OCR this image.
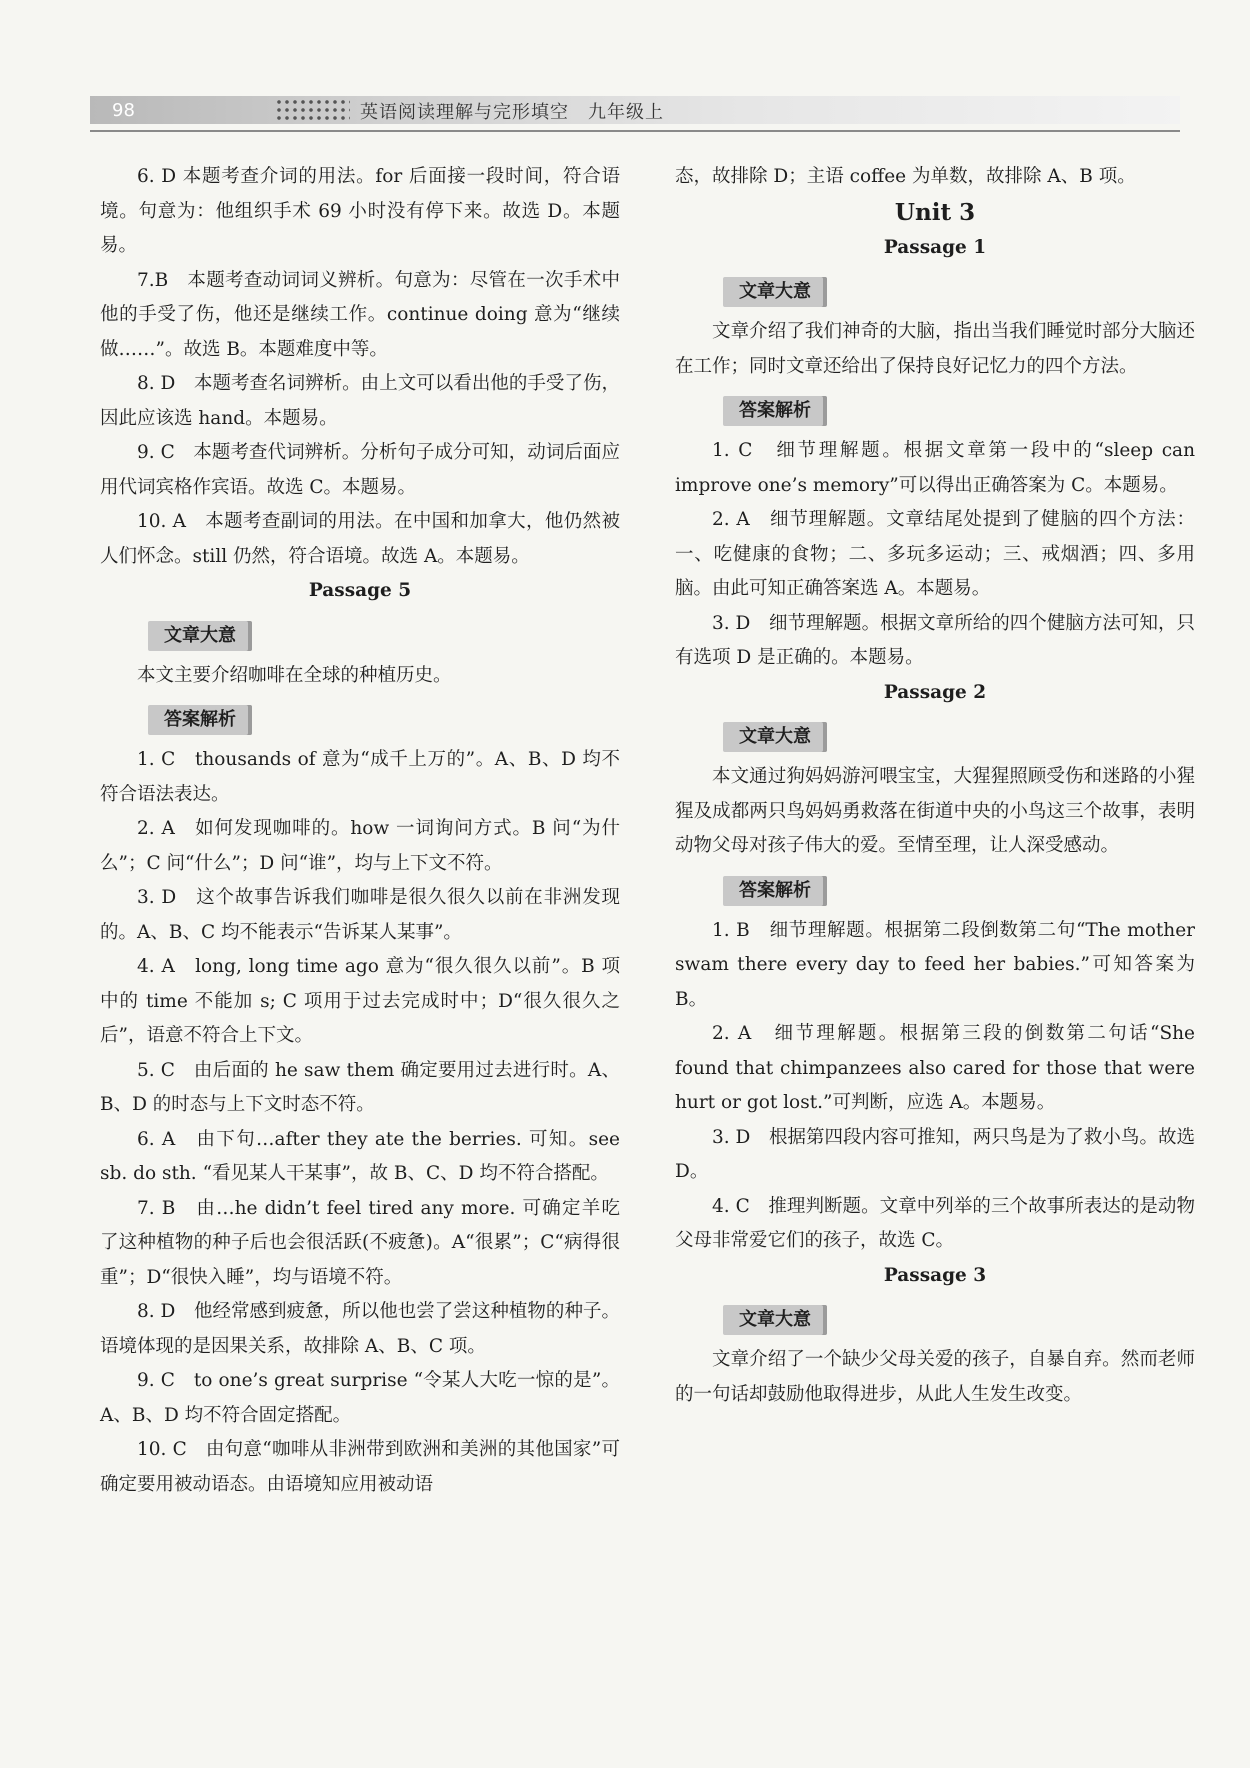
98	英语阅读理解与完形填空　九年级上

6. D 本题考查介词的用法。for 后面接一段时间，符合语境。句意为：他组织手术 69 小时没有停下来。故选 D。本题易。

7.B　本题考查动词词义辨析。句意为：尽管在一次手术中他的手受了伤，他还是继续工作。continue doing 意为“继续做……”。故选 B。本题难度中等。

8. D　本题考查名词辨析。由上文可以看出他的手受了伤，因此应该选 hand。本题易。

9. C　本题考查代词辨析。分析句子成分可知，动词后面应用代词宾格作宾语。故选 C。本题易。

10. A　本题考查副词的用法。在中国和加拿大，他仍然被人们怀念。still 仍然，符合语境。故选 A。本题易。

Passage 5
文章大意

本文主要介绍咖啡在全球的种植历史。

答案解析

1. C　thousands of 意为“成千上万的”。A、B、D 均不符合语法表达。

2. A　如何发现咖啡的。how 一词询问方式。B 问“为什么”；C 问“什么”；D 问“谁”，均与上下文不符。

3. D　这个故事告诉我们咖啡是很久很久以前在非洲发现的。A、B、C 均不能表示“告诉某人某事”。

4. A　long, long time ago 意为“很久很久以前”。B 项中的 time 不能加 s; C 项用于过去完成时中；D“很久很久之后”，语意不符合上下文。

5. C　由后面的 he saw them 确定要用过去进行时。A、B、D 的时态与上下文时态不符。

6. A　由下句…after they ate the berries. 可知。see sb. do sth. “看见某人干某事”，故 B、C、D 均不符合搭配。

7. B　由…he didn’t feel tired any more. 可确定羊吃了这种植物的种子后也会很活跃(不疲惫)。A“很累”；C“病得很重”；D“很快入睡”，均与语境不符。

8. D　他经常感到疲惫，所以他也尝了尝这种植物的种子。语境体现的是因果关系，故排除 A、B、C 项。

9. C　to one’s great surprise “令某人大吃一惊的是”。A、B、D 均不符合固定搭配。

10. C　由句意“咖啡从非洲带到欧洲和美洲的其他国家”可确定要用被动语态。由语境知应用被动语

态，故排除 D；主语 coffee 为单数，故排除 A、B 项。

Unit 3
Passage 1
文章大意

文章介绍了我们神奇的大脑，指出当我们睡觉时部分大脑还在工作；同时文章还给出了保持良好记忆力的四个方法。

答案解析

1. C　细节理解题。根据文章第一段中的“sleep can improve one’s memory”可以得出正确答案为 C。本题易。

2. A　细节理解题。文章结尾处提到了健脑的四个方法：一、吃健康的食物；二、多玩多运动；三、戒烟酒；四、多用脑。由此可知正确答案选 A。本题易。

3. D　细节理解题。根据文章所给的四个健脑方法可知，只有选项 D 是正确的。本题易。

Passage 2
文章大意

本文通过狗妈妈游河喂宝宝，大猩猩照顾受伤和迷路的小猩猩及成都两只鸟妈妈勇救落在街道中央的小鸟这三个故事，表明动物父母对孩子伟大的爱。至情至理，让人深受感动。

答案解析

1. B　细节理解题。根据第二段倒数第二句“The mother swam there every day to feed her babies.”可知答案为 B。

2. A　细节理解题。根据第三段的倒数第二句话“She found that chimpanzees also cared for those that were hurt or got lost.”可判断，应选 A。本题易。

3. D　根据第四段内容可推知，两只鸟是为了救小鸟。故选 D。

4. C　推理判断题。文章中列举的三个故事所表达的是动物父母非常爱它们的孩子，故选 C。

Passage 3
文章大意

文章介绍了一个缺少父母关爱的孩子，自暴自弃。然而老师的一句话却鼓励他取得进步，从此人生发生改变。
